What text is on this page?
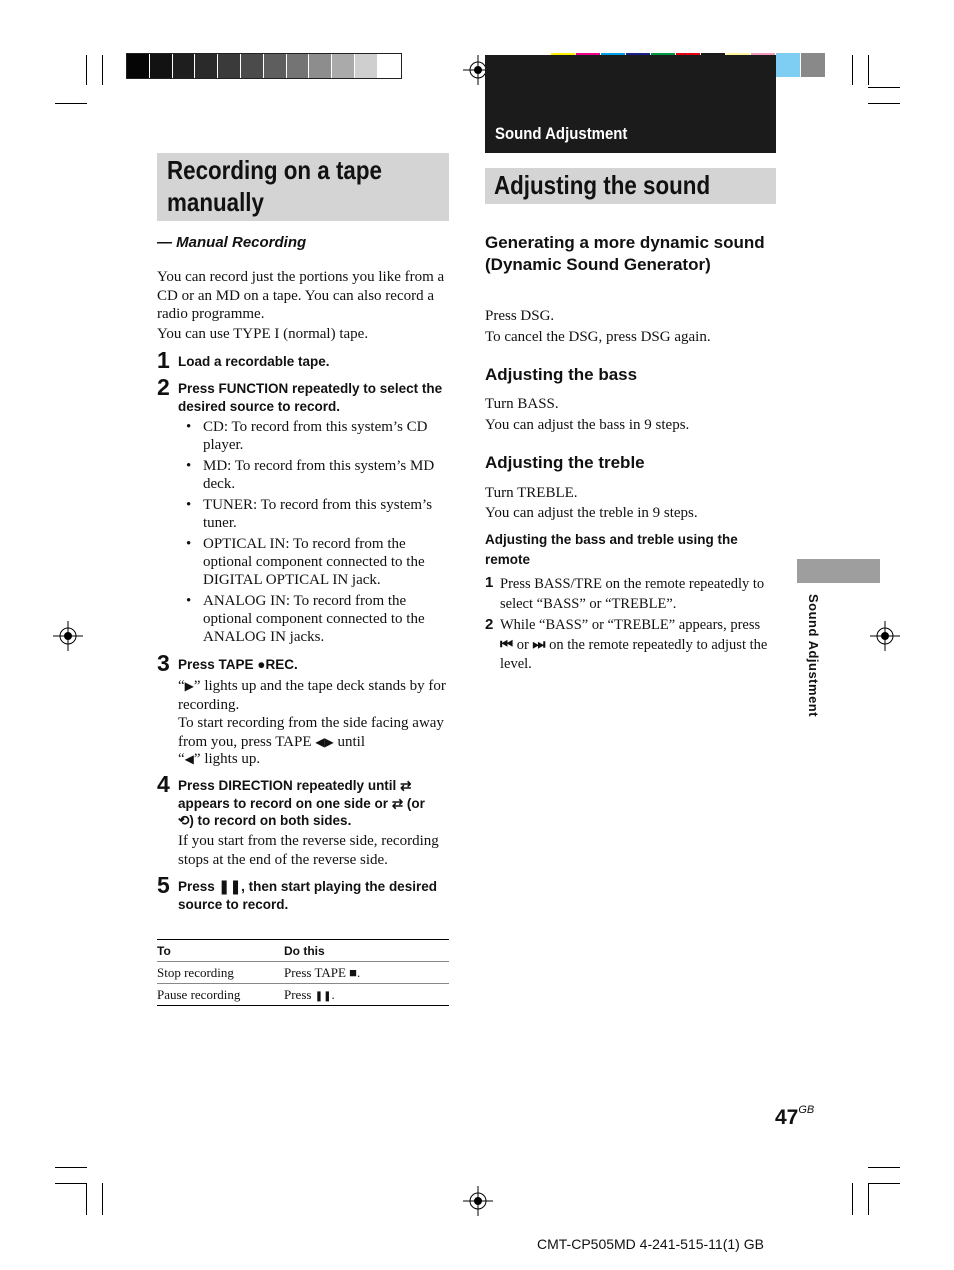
Sound Adjustment
Recording on a tape manually
— Manual Recording
You can record just the portions you like from a CD or an MD on a tape. You can also record a radio programme.
You can use TYPE I (normal) tape.
1 Load a recordable tape.
2 Press FUNCTION repeatedly to select the desired source to record.
• CD: To record from this system’s CD player.
• MD: To record from this system’s MD deck.
• TUNER: To record from this system’s tuner.
• OPTICAL IN: To record from the optional component connected to the DIGITAL OPTICAL IN jack.
• ANALOG IN: To record from the optional component connected to the ANALOG IN jacks.
3 Press TAPE ●REC.
“▶” lights up and the tape deck stands by for recording.
To start recording from the side facing away from you, press TAPE ◀▶ until
“◀” lights up.
4 Press DIRECTION repeatedly until ⇄
appears to record on one side or ⇄ (or
⟲) to record on both sides.
If you start from the reverse side, recording stops at the end of the reverse side.
5 Press ❚❚, then start playing the desired source to record.
To	Do this
Stop recording	Press TAPE ■.
Pause recording	Press ❚❚.
Adjusting the sound
Generating a more dynamic sound (Dynamic Sound Generator)
Press DSG.
To cancel the DSG, press DSG again.
Adjusting the bass
Turn BASS.
You can adjust the bass in 9 steps.
Adjusting the treble
Turn TREBLE.
You can adjust the treble in 9 steps.
Adjusting the bass and treble using the remote
1 Press BASS/TRE on the remote repeatedly to select “BASS” or “TREBLE”.
2 While “BASS” or “TREBLE” appears, press ⏮ or ⏭ on the remote repeatedly to adjust the level.	Sound Adjustment
$47^{GB}$
CMT-CP505MD 4-241-515-11(1) GB
